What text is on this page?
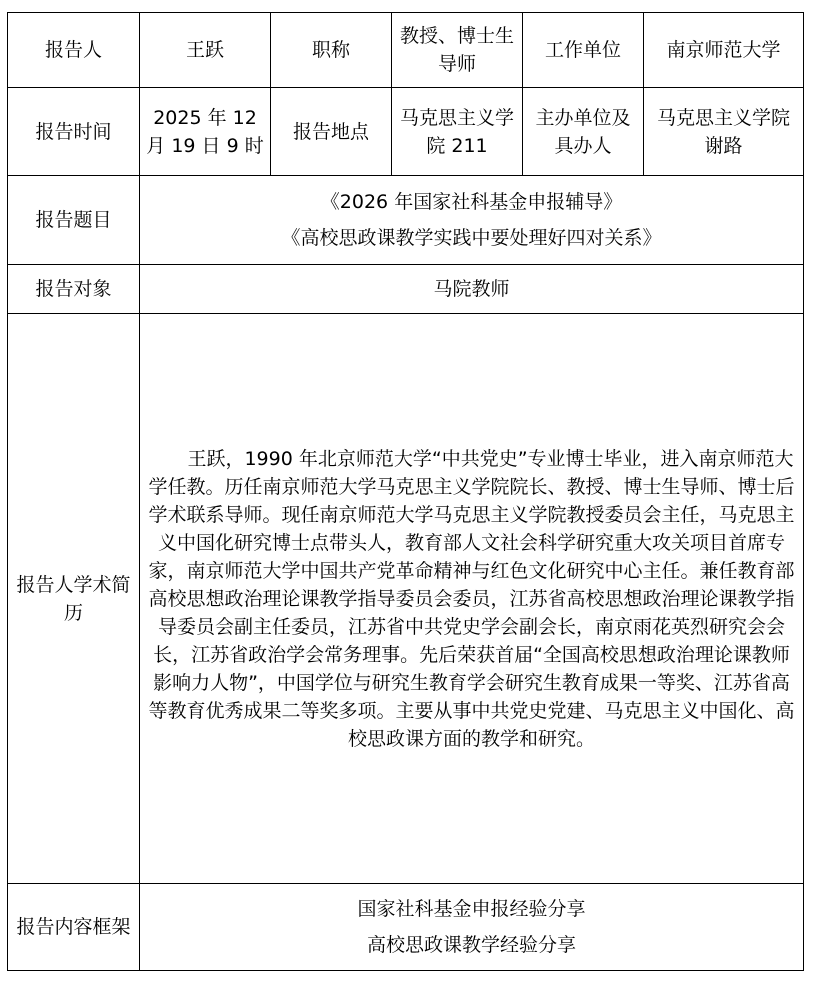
报告人	王跃	职称	教授、博士生导师	工作单位	南京师范大学
报告时间	2025 年 12 月 19 日 9 时	报告地点	马克思主义学院 211	主办单位及具办人	马克思主义学院 谢路
报告题目	《2026 年国家社科基金申报辅导》
《高校思政课教学实践中要处理好四对关系》				

报告对象	马院教师				
报告人学术简历	王跃，1990 年北京师范大学“中共党史”专业博士毕业，进入南京师范大学任教。历任南京师范大学马克思主义学院院长、教授、博士生导师、博士后学术联系导师。现任南京师范大学马克思主义学院教授委员会主任，马克思主义中国化研究博士点带头人，教育部人文社会科学研究重大攻关项目首席专家，南京师范大学中国共产党革命精神与红色文化研究中心主任。兼任教育部高校思想政治理论课教学指导委员会委员，江苏省高校思想政治理论课教学指导委员会副主任委员，江苏省中共党史学会副会长，南京雨花英烈研究会会长，江苏省政治学会常务理事。先后荣获首届“全国高校思想政治理论课教师影响力人物”，中国学位与研究生教育学会研究生教育成果一等奖、江苏省高等教育优秀成果二等奖多项。主要从事中共党史党建、马克思主义中国化、高校思政课方面的教学和研究。				

报告内容框架	国家社科基金申报经验分享
高校思政课教学经验分享				
